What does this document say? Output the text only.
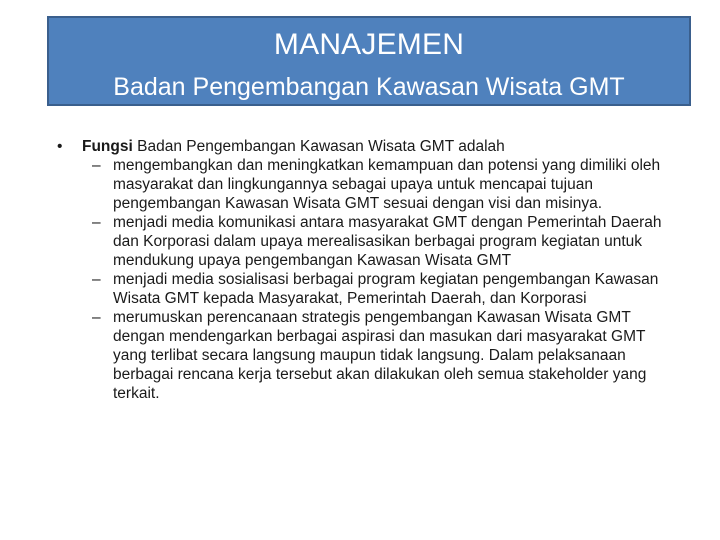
MANAJEMEN
Badan Pengembangan Kawasan Wisata GMT
• Fungsi Badan Pengembangan Kawasan Wisata GMT adalah
– mengembangkan dan meningkatkan kemampuan dan potensi yang dimiliki oleh masyarakat dan lingkungannya sebagai upaya untuk mencapai tujuan pengembangan Kawasan Wisata GMT sesuai dengan visi dan misinya.
– menjadi media komunikasi antara masyarakat GMT dengan Pemerintah Daerah dan Korporasi dalam upaya merealisasikan berbagai program kegiatan untuk mendukung upaya pengembangan Kawasan Wisata GMT
– menjadi media sosialisasi berbagai program kegiatan pengembangan Kawasan Wisata GMT kepada Masyarakat, Pemerintah Daerah, dan Korporasi
– merumuskan perencanaan strategis pengembangan Kawasan Wisata GMT dengan mendengarkan berbagai aspirasi dan masukan dari masyarakat GMT yang terlibat secara langsung maupun tidak langsung. Dalam pelaksanaan berbagai rencana kerja tersebut akan dilakukan oleh semua stakeholder yang terkait.
